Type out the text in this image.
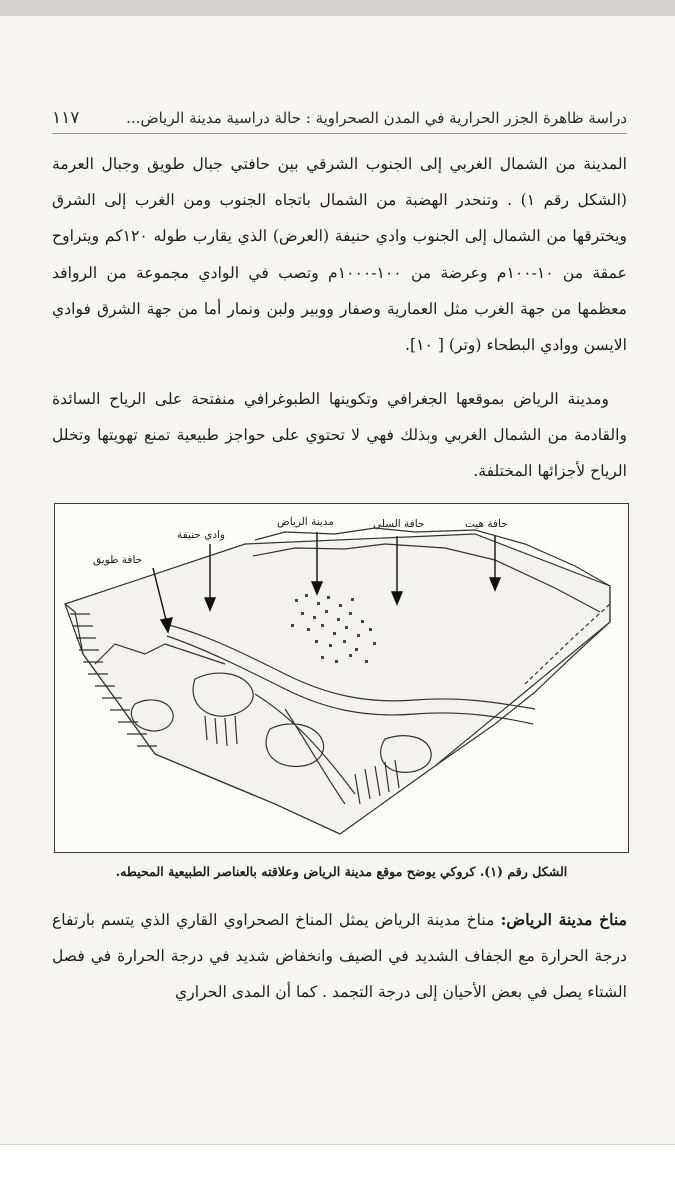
دراسة ظاهرة الجزر الحرارية في المدن الصحراوية : حالة دراسية مدينة الرياض...
١١٧

المدينة من الشمال الغربي إلى الجنوب الشرقي بين حافتي جبال طويق وجبال العرمة (الشكل رقم ١) . وتنحدر الهضبة من الشمال باتجاه الجنوب ومن الغرب إلى الشرق ويخترقها من الشمال إلى الجنوب وادي حنيفة (العرض) الذي يقارب طوله ١٢٠كم ويتراوح عمقة من ١٠-١٠٠م وعرضة من ١٠٠-١٠٠٠م وتصب في الوادي مجموعة من الروافد معظمها من جهة الغرب مثل العمارية وصفار ووبير ولبن ونمار أما من جهة الشرق فوادي الايسن ووادي البطحاء (وتر) [ ١٠].

ومدينة الرياض بموقعها الجغرافي وتكوينها الطبوغرافي منفتحة على الرياح السائدة والقادمة من الشمال الغربي وبذلك فهي لا تحتوي على حواجز طبيعية تمنع تهويتها وتخلل الرياح لأجزائها المختلفة.

حافة طويق
وادي حنيفة
مدينة الرياض	حافة السلي	حافة هيت
الشكل رقم (١). كروكي يوضح موقع مدينة الرياض وعلاقته بالعناصر الطبيعية المحيطه.

مناخ مدينة الرياض: مناخ مدينة الرياض يمثل المناخ الصحراوي القاري الذي يتسم بارتفاع درجة الحرارة مع الجفاف الشديد في الصيف وانخفاض شديد في درجة الحرارة في فصل الشتاء يصل في بعض الأحيان إلى درجة التجمد . كما أن المدى الحراري
